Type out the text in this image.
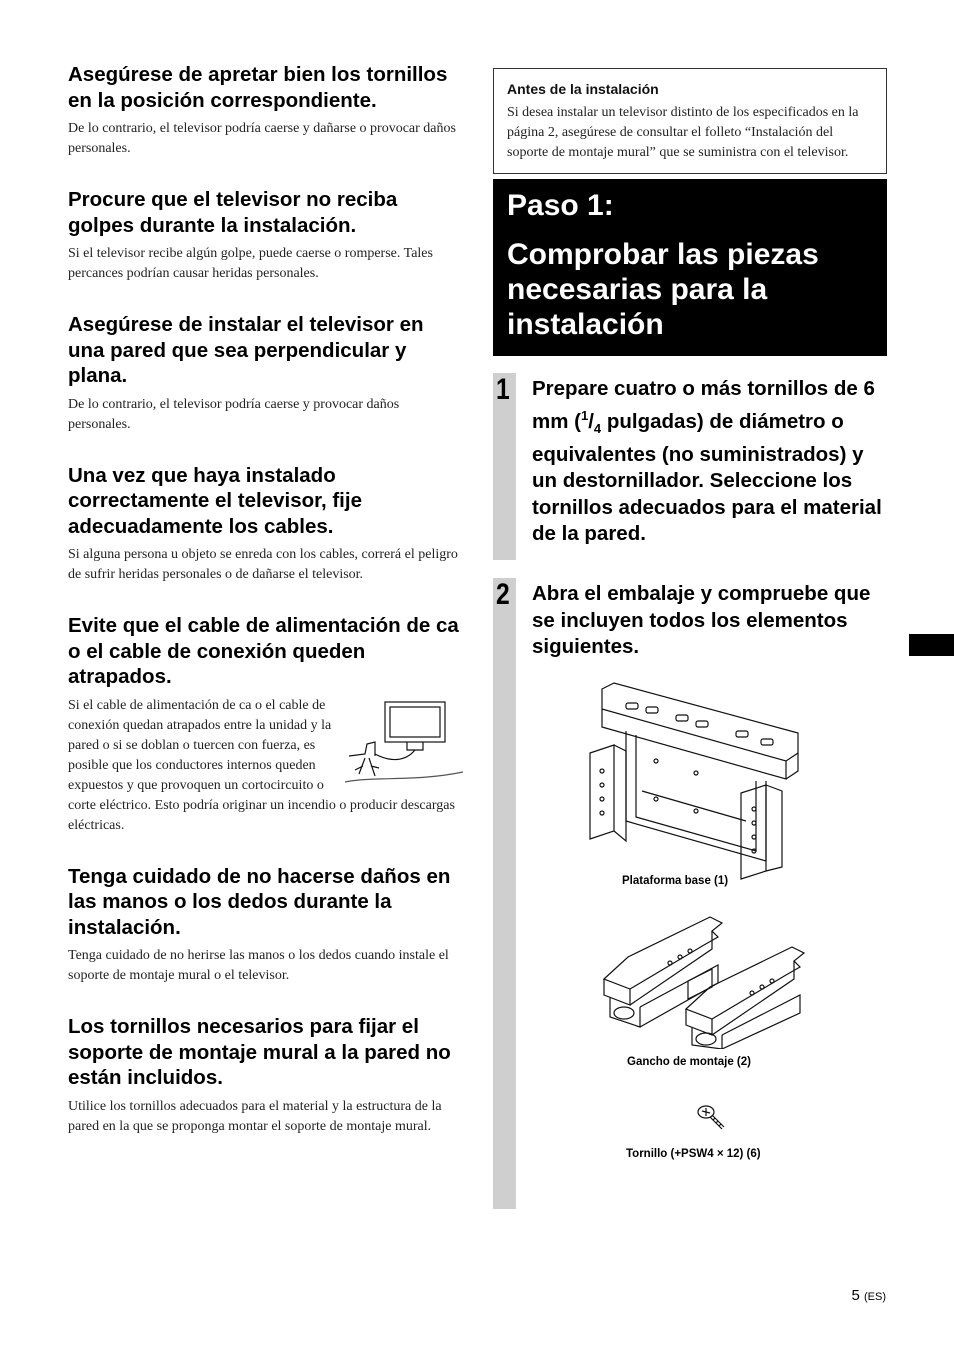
Asegúrese de apretar bien los tornillos en la posición correspondiente.

De lo contrario, el televisor podría caerse y dañarse o provocar daños personales.

Procure que el televisor no reciba golpes durante la instalación.

Si el televisor recibe algún golpe, puede caerse o romperse. Tales percances podrían causar heridas personales.

Asegúrese de instalar el televisor en una pared que sea perpendicular y plana.

De lo contrario, el televisor podría caerse y provocar daños personales.

Una vez que haya instalado correctamente el televisor, fije adecuadamente los cables.

Si alguna persona u objeto se enreda con los cables, correrá el peligro de sufrir heridas personales o de dañarse el televisor.

Evite que el cable de alimentación de ca o el cable de conexión queden atrapados.
Si el cable de alimentación de ca o el cable de conexión quedan atrapados entre la unidad y la pared o si se doblan o tuercen con fuerza, es posible que los conductores internos queden expuestos y que provoquen un cortocircuito o corte eléctrico. Esto podría originar un incendio o producir descargas eléctricas.
Tenga cuidado de no hacerse daños en las manos o los dedos durante la instalación.

Tenga cuidado de no herirse las manos o los dedos cuando instale el soporte de montaje mural o el televisor.

Los tornillos necesarios para fijar el soporte de montaje mural a la pared no están incluidos.

Utilice los tornillos adecuados para el material y la estructura de la pared en la que se proponga montar el soporte de montaje mural.

Antes de la instalación

Si desea instalar un televisor distinto de los especificados en la página 2, asegúrese de consultar el folleto “Instalación del soporte de montaje mural” que se suministra con el televisor.

Paso 1:
Comprobar las piezas necesarias para la instalación
1 Prepare cuatro o más tornillos de 6 mm ($^1/_4$ pulgadas) de diámetro o equivalentes (no suministrados) y un destornillador. Seleccione los tornillos adecuados para el material de la pared.
2 Abra el embalaje y compruebe que se incluyen todos los elementos siguientes.
Plataforma base (1)
Gancho de montaje (2)
Tornillo (+PSW4 × 12) (6)
5 (ES)
